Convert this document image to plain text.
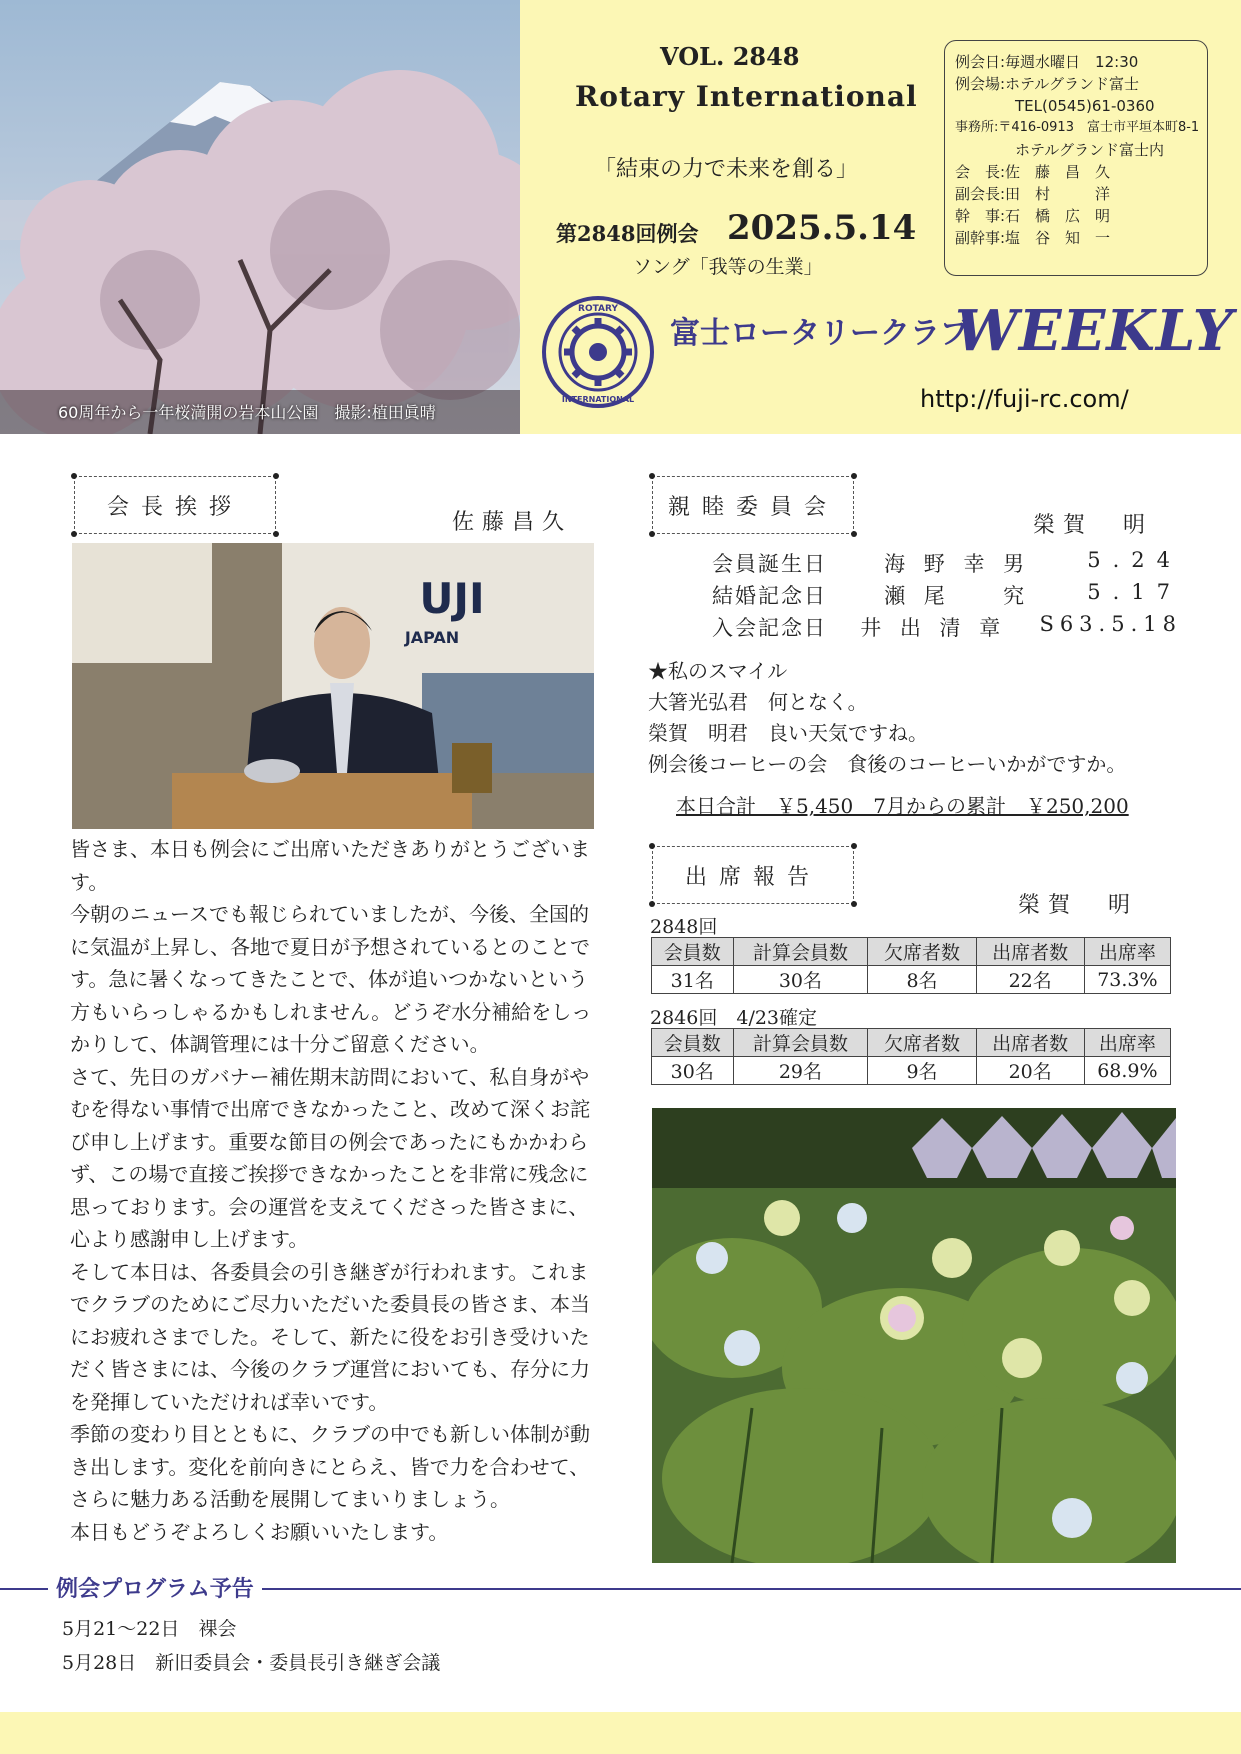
60周年から一年桜満開の岩本山公園　撮影:植田眞晴
VOL. 2848
Rotary International
「結束の力で未来を創る」
第2848回例会 2025.5.14
ソング「我等の生業」
例会日:毎週水曜日　12:30
例会場:ホテルグランド富士
　　　　TEL(0545)61-0360
事務所:〒416-0913　富士市平垣本町8-1
　　　　ホテルグランド富士内
会　長:佐　藤　昌　久
副会長:田　村　　　洋
幹　事:石　橋　広　明
副幹事:塩　谷　知　一
ROTARY
INTERNATIONAL
富士ロータリークラブ
WEEKLY
http://fuji-rc.com/
会長挨拶
佐藤昌久
UJI
JAPAN

皆さま、本日も例会にご出席いただきありがとうございます。

今朝のニュースでも報じられていましたが、今後、全国的に気温が上昇し、各地で夏日が予想されているとのことです。急に暑くなってきたことで、体が追いつかないという方もいらっしゃるかもしれません。どうぞ水分補給をしっかりして、体調管理には十分ご留意ください。

さて、先日のガバナー補佐期末訪問において、私自身がやむを得ない事情で出席できなかったこと、改めて深くお詫び申し上げます。重要な節目の例会であったにもかかわらず、この場で直接ご挨拶できなかったことを非常に残念に思っております。会の運営を支えてくださった皆さまに、心より感謝申し上げます。

そして本日は、各委員会の引き継ぎが行われます。これまでクラブのためにご尽力いただいた委員長の皆さま、本当にお疲れさまでした。そして、新たに役をお引き受けいただく皆さまには、今後のクラブ運営においても、存分に力を発揮していただければ幸いです。

季節の変わり目とともに、クラブの中でも新しい体制が動き出します。変化を前向きにとらえ、皆で力を合わせて、さらに魅力ある活動を展開してまいりましょう。

本日もどうぞよろしくお願いいたします。

親睦委員会
榮賀　明
会員誕生日	海 野 幸 男	5.24
結婚記念日	瀬 尾 　 究	5.17
入会記念日 井 出 清 章 S63.5.18
★私のスマイル
大箸光弘君　何となく。
榮賀　明君　良い天気ですね。
例会後コーヒーの会　食後のコーヒーいかがですか。
本日合計　￥5,450　7月からの累計　￥250,200
出席報告
榮賀　明
2848回
会員数	計算会員数	欠席者数	出席者数	出席率
31名	30名	8名	22名	73.3%
2846回　4/23確定
会員数	計算会員数	欠席者数	出席者数	出席率
30名	29名	9名	20名	68.9%
例会プログラム予告
5月21〜22日　裸会
5月28日　新旧委員会・委員長引き継ぎ会議
